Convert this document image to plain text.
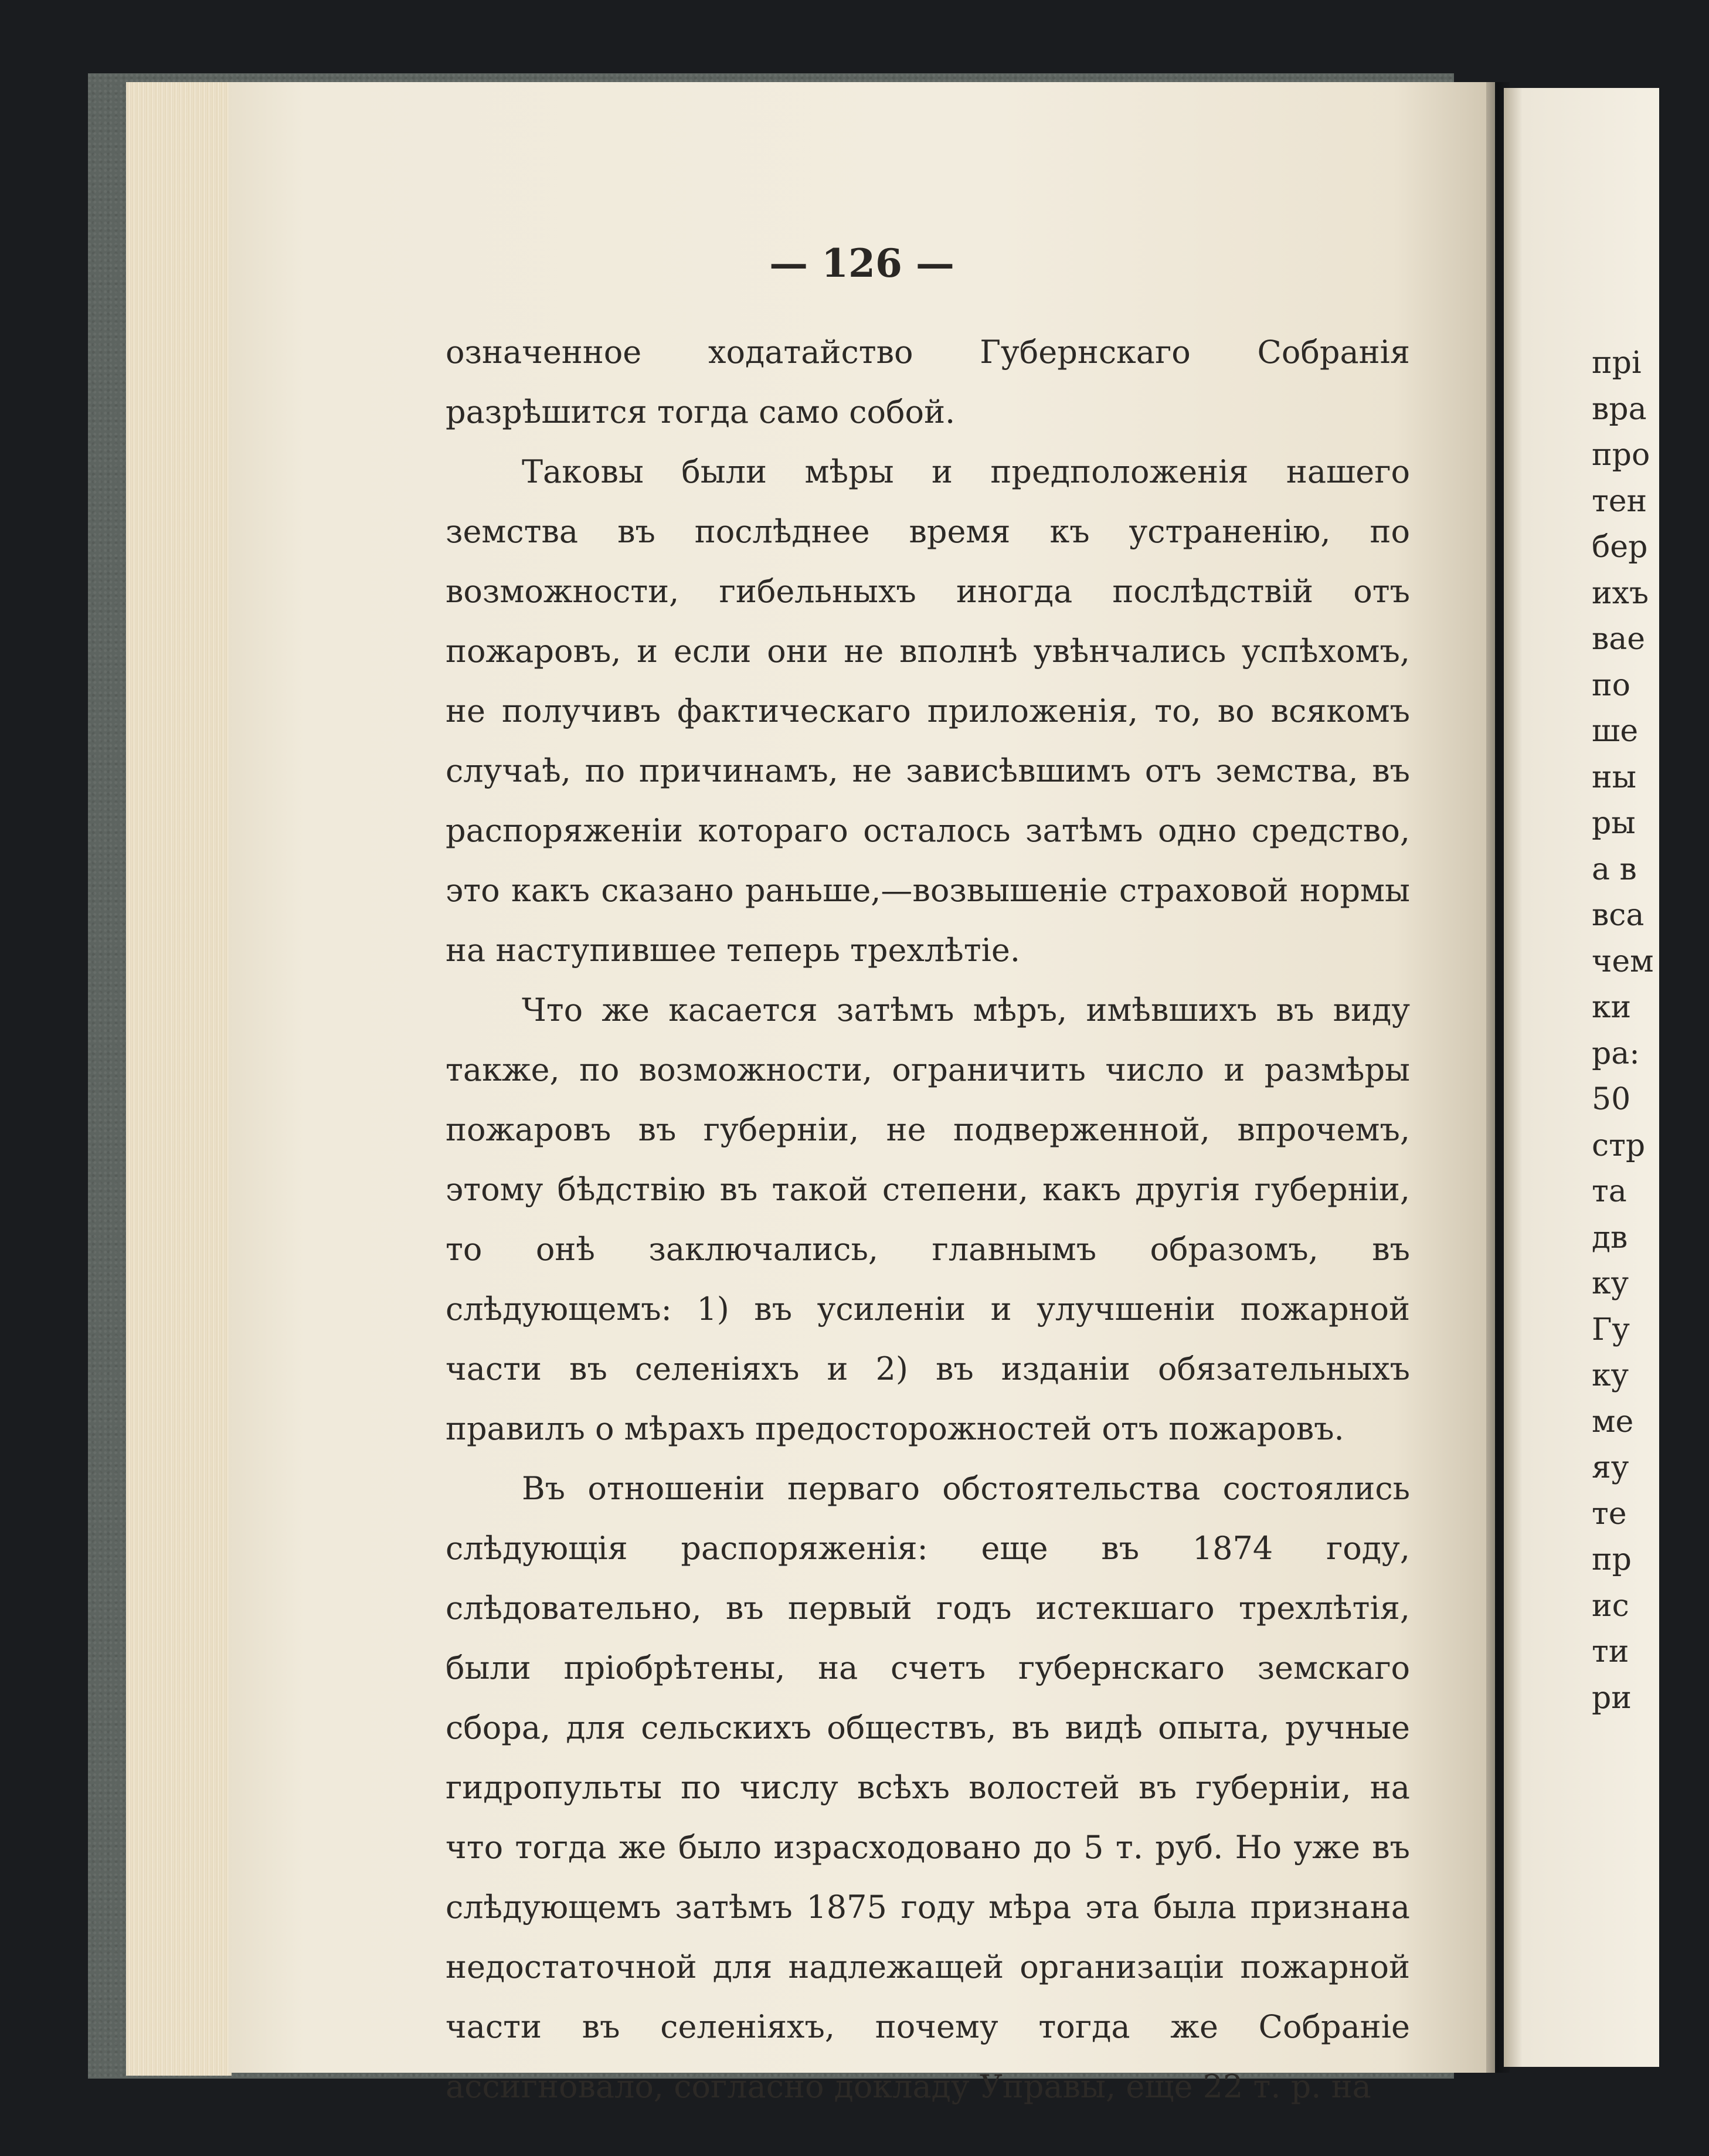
— 126 —

означенное ходатайство Губернскаго Собранія разрѣшится тогда само собой.

Таковы были мѣры и предположенія нашего земства въ послѣднее время къ устраненію, по возможности, гибельныхъ иногда послѣдствій отъ пожаровъ, и если они не вполнѣ увѣнчались успѣхомъ, не получивъ фактическаго приложенія, то, во всякомъ случаѣ, по причинамъ, не зависѣвшимъ отъ земства, въ распоряженіи котораго осталось затѣмъ одно средство, это какъ сказано раньше,—возвышеніе страховой нормы на наступившее теперь трехлѣтіе.

Что же касается затѣмъ мѣръ, имѣвшихъ въ виду также, по возможности, ограничить число и размѣры пожаровъ въ губерніи, не подверженной, впрочемъ, этому бѣдствію въ такой степени, какъ другія губерніи, то онѣ заключались, главнымъ образомъ, въ слѣдующемъ: 1) въ усиленіи и улучшеніи пожарной части въ селеніяхъ и 2) въ изданіи обязательныхъ правилъ о мѣрахъ предосторожностей отъ пожаровъ.

Въ отношеніи перваго обстоятельства состоялись слѣдующія распоряженія: еще въ 1874 году, слѣдовательно, въ первый годъ истекшаго трехлѣтія, были пріобрѣтены, на счетъ губернскаго земскаго сбора, для сельскихъ обществъ, въ видѣ опыта, ручные гидропульты по числу всѣхъ волостей въ губерніи, на что тогда же было израсходовано до 5 т. руб. Но уже въ слѣдующемъ затѣмъ 1875 году мѣра эта была признана недостаточной для надлежащей организаціи пожарной части въ селеніяхъ, почему тогда же Собраніе ассигновало, согласно докладу Управы, еще 22 т. р. на

прі
вра
про
тен
бер
ихъ
вае
по
ше
ны
ры
а в
вса
чем
ки
ра:
50
стр
та
дв
ку
Гу
ку
ме
яу
те
пр
ис
ти
ри
